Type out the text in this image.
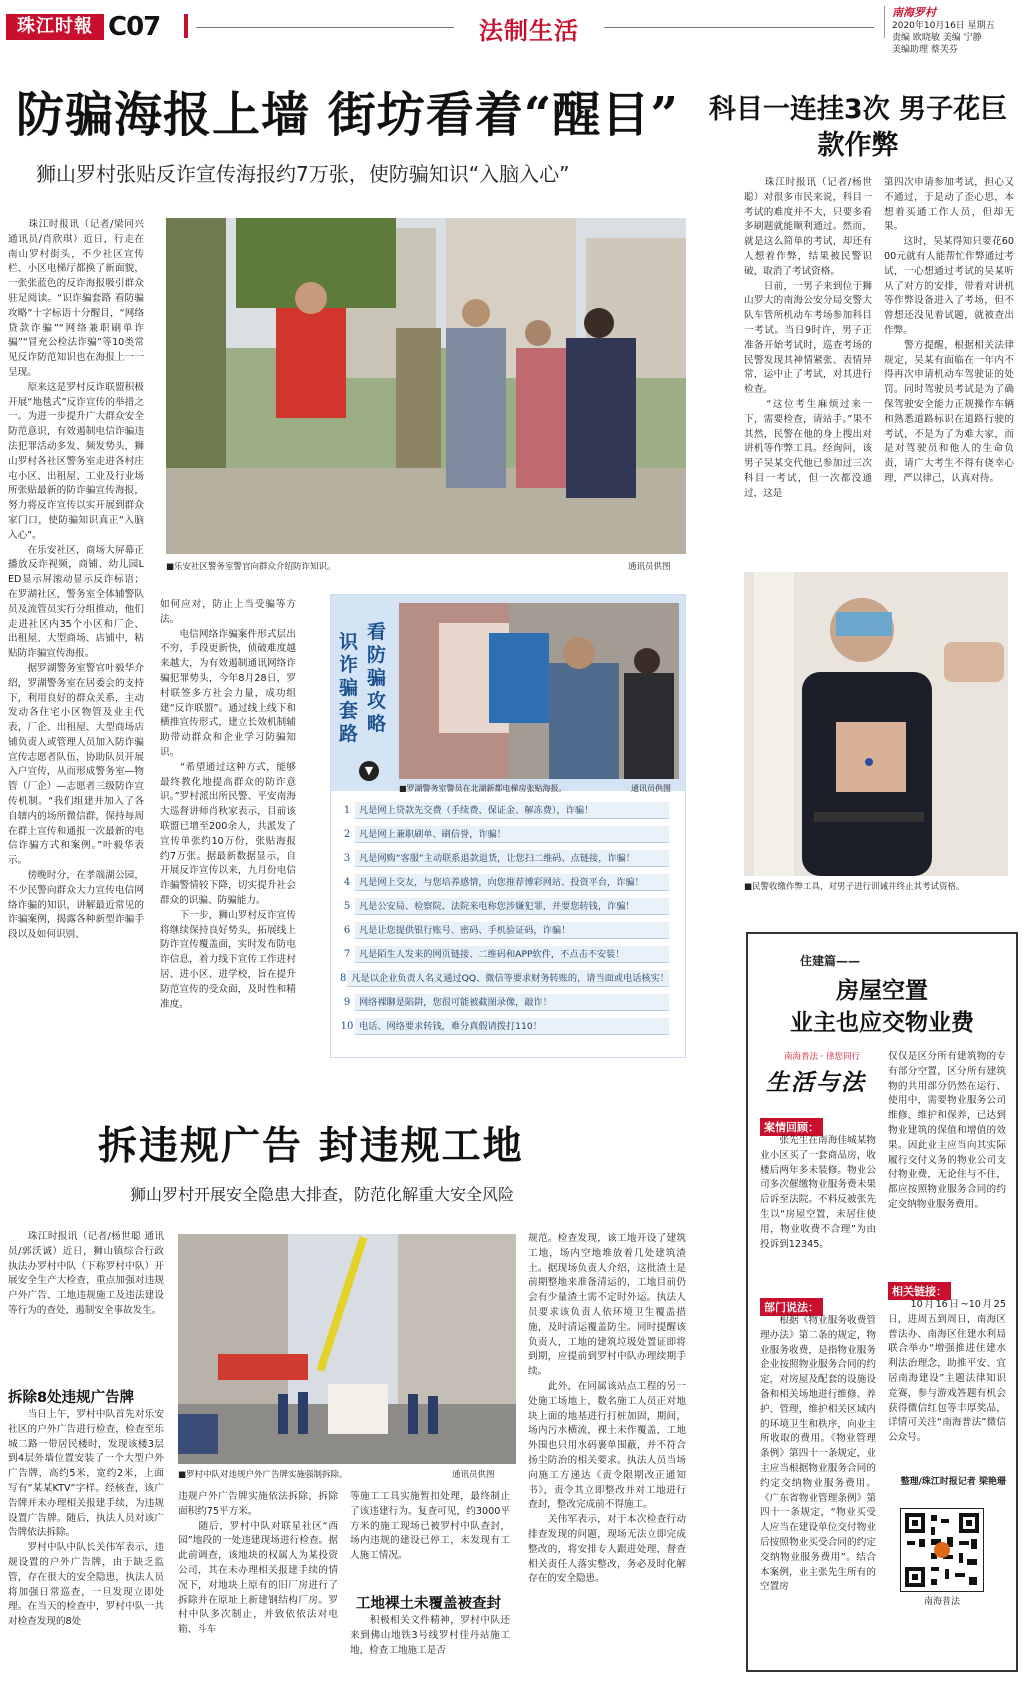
珠江时報 C07	法制生活
南海罗村
2020年10月16日 星期五
责编 欧晓敏 美编 宁静
美编助理 蔡芙芬
防骗海报上墙 街坊看着“醒目”
狮山罗村张贴反诈宣传海报约7万张，使防骗知识“入脑入心”
　　珠江时报讯（记者/梁同兴 通讯员/肖欣琪）近日，行走在南山罗村街头，不少社区宣传栏、小区电梯厅都换了新面貌，一张张蓝色的反诈海报吸引群众驻足阅读。“识诈骗套路 看防骗攻略”十字标语十分醒目，“网络贷款诈骗”“网络兼职刷单诈骗”“冒充公检法诈骗”等10类常见反诈防范知识也在海报上一一呈现。
　　原来这是罗村反诈联盟积极开展“地毯式”反诈宣传的举措之一。为进一步提升广大群众安全防范意识，有效遏制电信诈骗违法犯罪活动多发、频发势头，狮山罗村各社区警务室走进各村庄屯小区、出租屋、工业及行业场所张贴最新的防诈骗宣传海报，努力将反诈宣传以实开展到群众家门口，使防骗知识真正“入脑入心”。
　　在乐安社区，商场大屏幕正播放反诈视频，商铺、幼儿园LED显示屏滚动显示反诈标语；在罗湖社区，警务室全体辅警队员及流管员实行分组推动，他们走进社区内35个小区和厂企、出租屋、大型商场、店铺中，粘贴防诈骗宣传海报。
　　据罗湖警务室警官叶毅华介绍，罗湖警务室在居委会的支持下，利用良好的群众关系，主动发动各住宅小区物管及业主代表，厂企、出租屋、大型商场店铺负责人或管理人员加入防诈骗宣传志愿者队伍，协助队员开展入户宣传，从而形成警务室—物管（厂企）—志愿者三级防诈宣传机制。“我们组建并加入了各自辖内的场所微信群，保持每周在群上宣传和通报一次最新的电信诈骗方式和案例。”叶毅华表示。
　　傍晚时分，在孝端湖公园，不少民警向群众大力宣传电信网络诈骗的知识，讲解最近常见的诈骗案例，揭露各种新型诈骗手段以及如何识别、
■乐安社区警务室警官向群众介绍防诈知识。	通讯员供图
如何应对，防止上当受骗等方法。
　　电信网络诈骗案件形式层出不穷，手段更新快，侦破难度越来越大，为有效遏制通讯网络诈骗犯罪势头，今年8月28日，罗村联签多方社会力量，成功组建“反诈联盟”。通过线上线下和横推宣传形式，建立长效机制辅助带动群众和企业学习防骗知识。
　　“希望通过这种方式，能够最终教化地提高群众的防诈意识。”罗村派出所民警、平安南海大巡督讲师肖秋家表示，目前该联盟已增至200余人，共派发了宣传单张约10万份，张贴海报约7万张。据最新数据显示，自开展反诈宣传以来，九月份电信诈骗警情较下降，切实提升社会群众的识骗、防骗能力。
　　下一步，狮山罗村反诈宣传将继续保持良好势头，拓展线上防诈宣传覆盖面，实时发布防电诈信息，着力线下宣传工作进村居、进小区、进学校，旨在提升防范宣传的受众面，及时性和精准度。
看防骗攻略
识诈骗套路
▼
■罗湖警务室警员在北湖新都电梯房张贴海报。	通讯员供图
1 凡是网上贷款先交费（手续费、保证金、解冻费），诈骗！
2 凡是网上兼职刷单、刷信誉，诈骗！
3 凡是网购“客服”主动联系退款退货，让您扫二维码、点链接，诈骗！
4 凡是网上交友，与您培养感情，向您推荐博彩网站、投资平台，诈骗！
5 凡是公安局、检察院、法院来电称您涉嫌犯罪，并要您转钱，诈骗！
6 凡是让您提供银行账号、密码、手机验证码，诈骗！
7 凡是陌生人发来的网页链接、二维码和APP软件，不点击不安装！
8 凡是以企业负责人名义通过QQ、微信等要求财务转账的，请当面或电话核实！
9 网络裸聊是陷阱，您很可能被截图录像，敲诈！
10 电话、网络要求转钱，难分真假请拨打110！
科目一连挂3次 男子花巨款作弊
　　珠江时报讯（记者/杨世聪）对很多市民来说，科目一考试的难度并不大，只要多看多刷题就能顺利通过。然而，就是这么简单的考试，却还有人想着作弊，结果被民警识破，取消了考试资格。
　　日前，一男子来到位于狮山罗大的南海公安分局交警大队车管所机动车考场参加科目一考试。当日9时许，男子正准备开始考试时，巡查考场的民警发现其神情紧张、表情异常，运中止了考试，对其进行检查。
　　“这位考生麻烦过来一下，需要检查，请站手。”果不其然，民警在他的身上搜出对讲机等作弊工具。经询问，该男子吴某交代他已参加过三次科目一考试，但一次都没通过，这是
第四次申请参加考试，担心又不通过，于是动了歪心思，本想着买通工作人员，但却无果。
　　这时，吴某得知只要花6000元就有人能帮忙作弊通过考试，一心想通过考试的吴某听从了对方的安排，带着对讲机等作弊设备进入了考场，但不曾想还没见着试题，就被查出作弊。
　　警方提醒，根据相关法律规定，吴某有面临在一年内不得再次申请机动车驾驶证的处罚。同时驾驶员考试是为了确保驾驶安全能力正规操作车辆和熟悉道路标识在道路行驶的考试，不是为了为难大家，而是对驾驶员和他人的生命负责，请广大考生不得有侥幸心理，严以律己，认真对待。
■民警收缴作弊工具，对男子进行训诫并终止其考试资格。
住建篇——
房屋空置
业主也应交物业费
南海普法 · 律您同行
生活与法
案情回顾：
　　张先生在南海佳城某物业小区买了一套商品房，收楼后两年多未装修。物业公司多次催缴物业服务费未果后诉至法院。不料反被张先生以“房屋空置，未居住使用，物业收费不合理”为由投诉到12345。
仅仅是区分所有建筑物的专有部分空置，区分所有建筑物的共用部分仍然在运行、使用中，需要物业服务公司维修、维护和保养，已达到物业建筑的保值和增值的效果。因此业主应当向其实际履行交付义务的物业公司支付物业费，无论住与不住，都应按照物业服务合同的约定交纳物业服务费用。
部门说法：
　　根据《物业服务收费管理办法》第二条的规定，物业服务收费，是指物业服务企业按照物业服务合同的约定，对房屋及配套的设施设备和相关场地进行维修、养护、管理，维护相关区域内的环境卫生和秩序，向业主所收取的费用。《物业管理条例》第四十一条规定，业主应当根据物业服务合同的约定交纳物业服务费用。《广东省物业管理条例》第四十一条规定，“物业买受人应当在建设单位交付物业后按照物业买受合同的约定交纳物业服务费用”。结合本案例，业主张先生所有的空置房
相关链接：
　　10月16日~10月25日，进周五到周日，南海区普法办、南海区住建水利局联合举办“增强推进住建水利法治理念，助推平安、宜居南海建设”主题法律知识竞赛，参与游戏答题有机会获得微信红包等丰厚奖品，详情可关注“南海普法”微信公众号。
整理/珠江时报记者 梁艳珊
南海普法
拆违规广告 封违规工地
狮山罗村开展安全隐患大排查，防范化解重大安全风险
　　珠江时报讯（记者/杨世聪 通讯员/郭沃诚）近日，狮山镇综合行政执法办罗村中队（下称罗村中队）开展安全生产大检查，重点加强对违规户外广告、工地违规施工及违法建设等行为的查处，遏制安全事故发生。
拆除8处违规广告牌
　　当日上午，罗村中队首先对乐安社区的户外广告进行检查，检查至乐城二路一带居民楼时，发现该楼3层到4层外墙位置安装了一个大型户外广告牌，高约5米，宽约2米，上面写有“某某KTV”字样。经核查，该广告牌并未办理相关报建手续，为违规设置广告牌。随后，执法人员对该广告牌依法拆除。
　　罗村中队中队长关伟军表示，违规设置的户外广告牌，由于缺乏监管，存在很大的安全隐患，执法人员将加强日常巡查，一旦发现立即处理。在当天的检查中，罗村中队一共对检查发现的8处
■罗村中队对违规户外广告牌实施强制拆除。	通讯员供图
违规户外广告牌实施依法拆除，拆除面积约75平方米。
　　随后，罗村中队对联星社区“西园”地段的一处违建现场进行检查。据此前调查，该地块的权属人为某投资公司，其在未办理相关报建手续的情况下，对地块上原有的旧厂房进行了拆除并在原址上新建钢结构厂房。罗村中队多次制止，并致依依法对电箱、斗车
等施工工具实施暂扣处理，最终制止了该违建行为。复查可见，约3000平方米的施工现场已被罗村中队查封，场内违规的建设已停工，未发现有工人施工情况。
工地裸土未覆盖被查封
　　积极相关文件精神，罗村中队还来到佛山地铁3号线罗村佳丹站施工地，检查工地施工是否
规范。检查发现，该工地开设了建筑工地，场内空地堆放着几处建筑渣土。据现场负责人介绍，这批渣土是前期整地来准备清运的，工地目前仍会有少量渣土需不定时外运。执法人员要求该负责人依环境卫生覆盖措施，及时清运覆盖防尘。同时提醒该负责人，工地的建筑垃圾处置证即将到期，应提前到罗村中队办理续期手续。
　　此外，在同属该站点工程的另一处施工场地上，数名施工人员正对地块上面的地基进行打桩加固，期间，场内污水横流，裸土未作覆盖，工地外围也只用水码裹单围蔽，并不符合扬尘防治的相关要求。执法人员当场向施工方递达《责令限期改正通知书》，责令其立即整改并对工地进行查封，整改完成前不得施工。
　　关伟军表示，对于本次检查行动排查发现的问题，现场无法立即完成整改的，将安排专人跟进处理，督查相关责任人落实整改，务必及时化解存在的安全隐患。
